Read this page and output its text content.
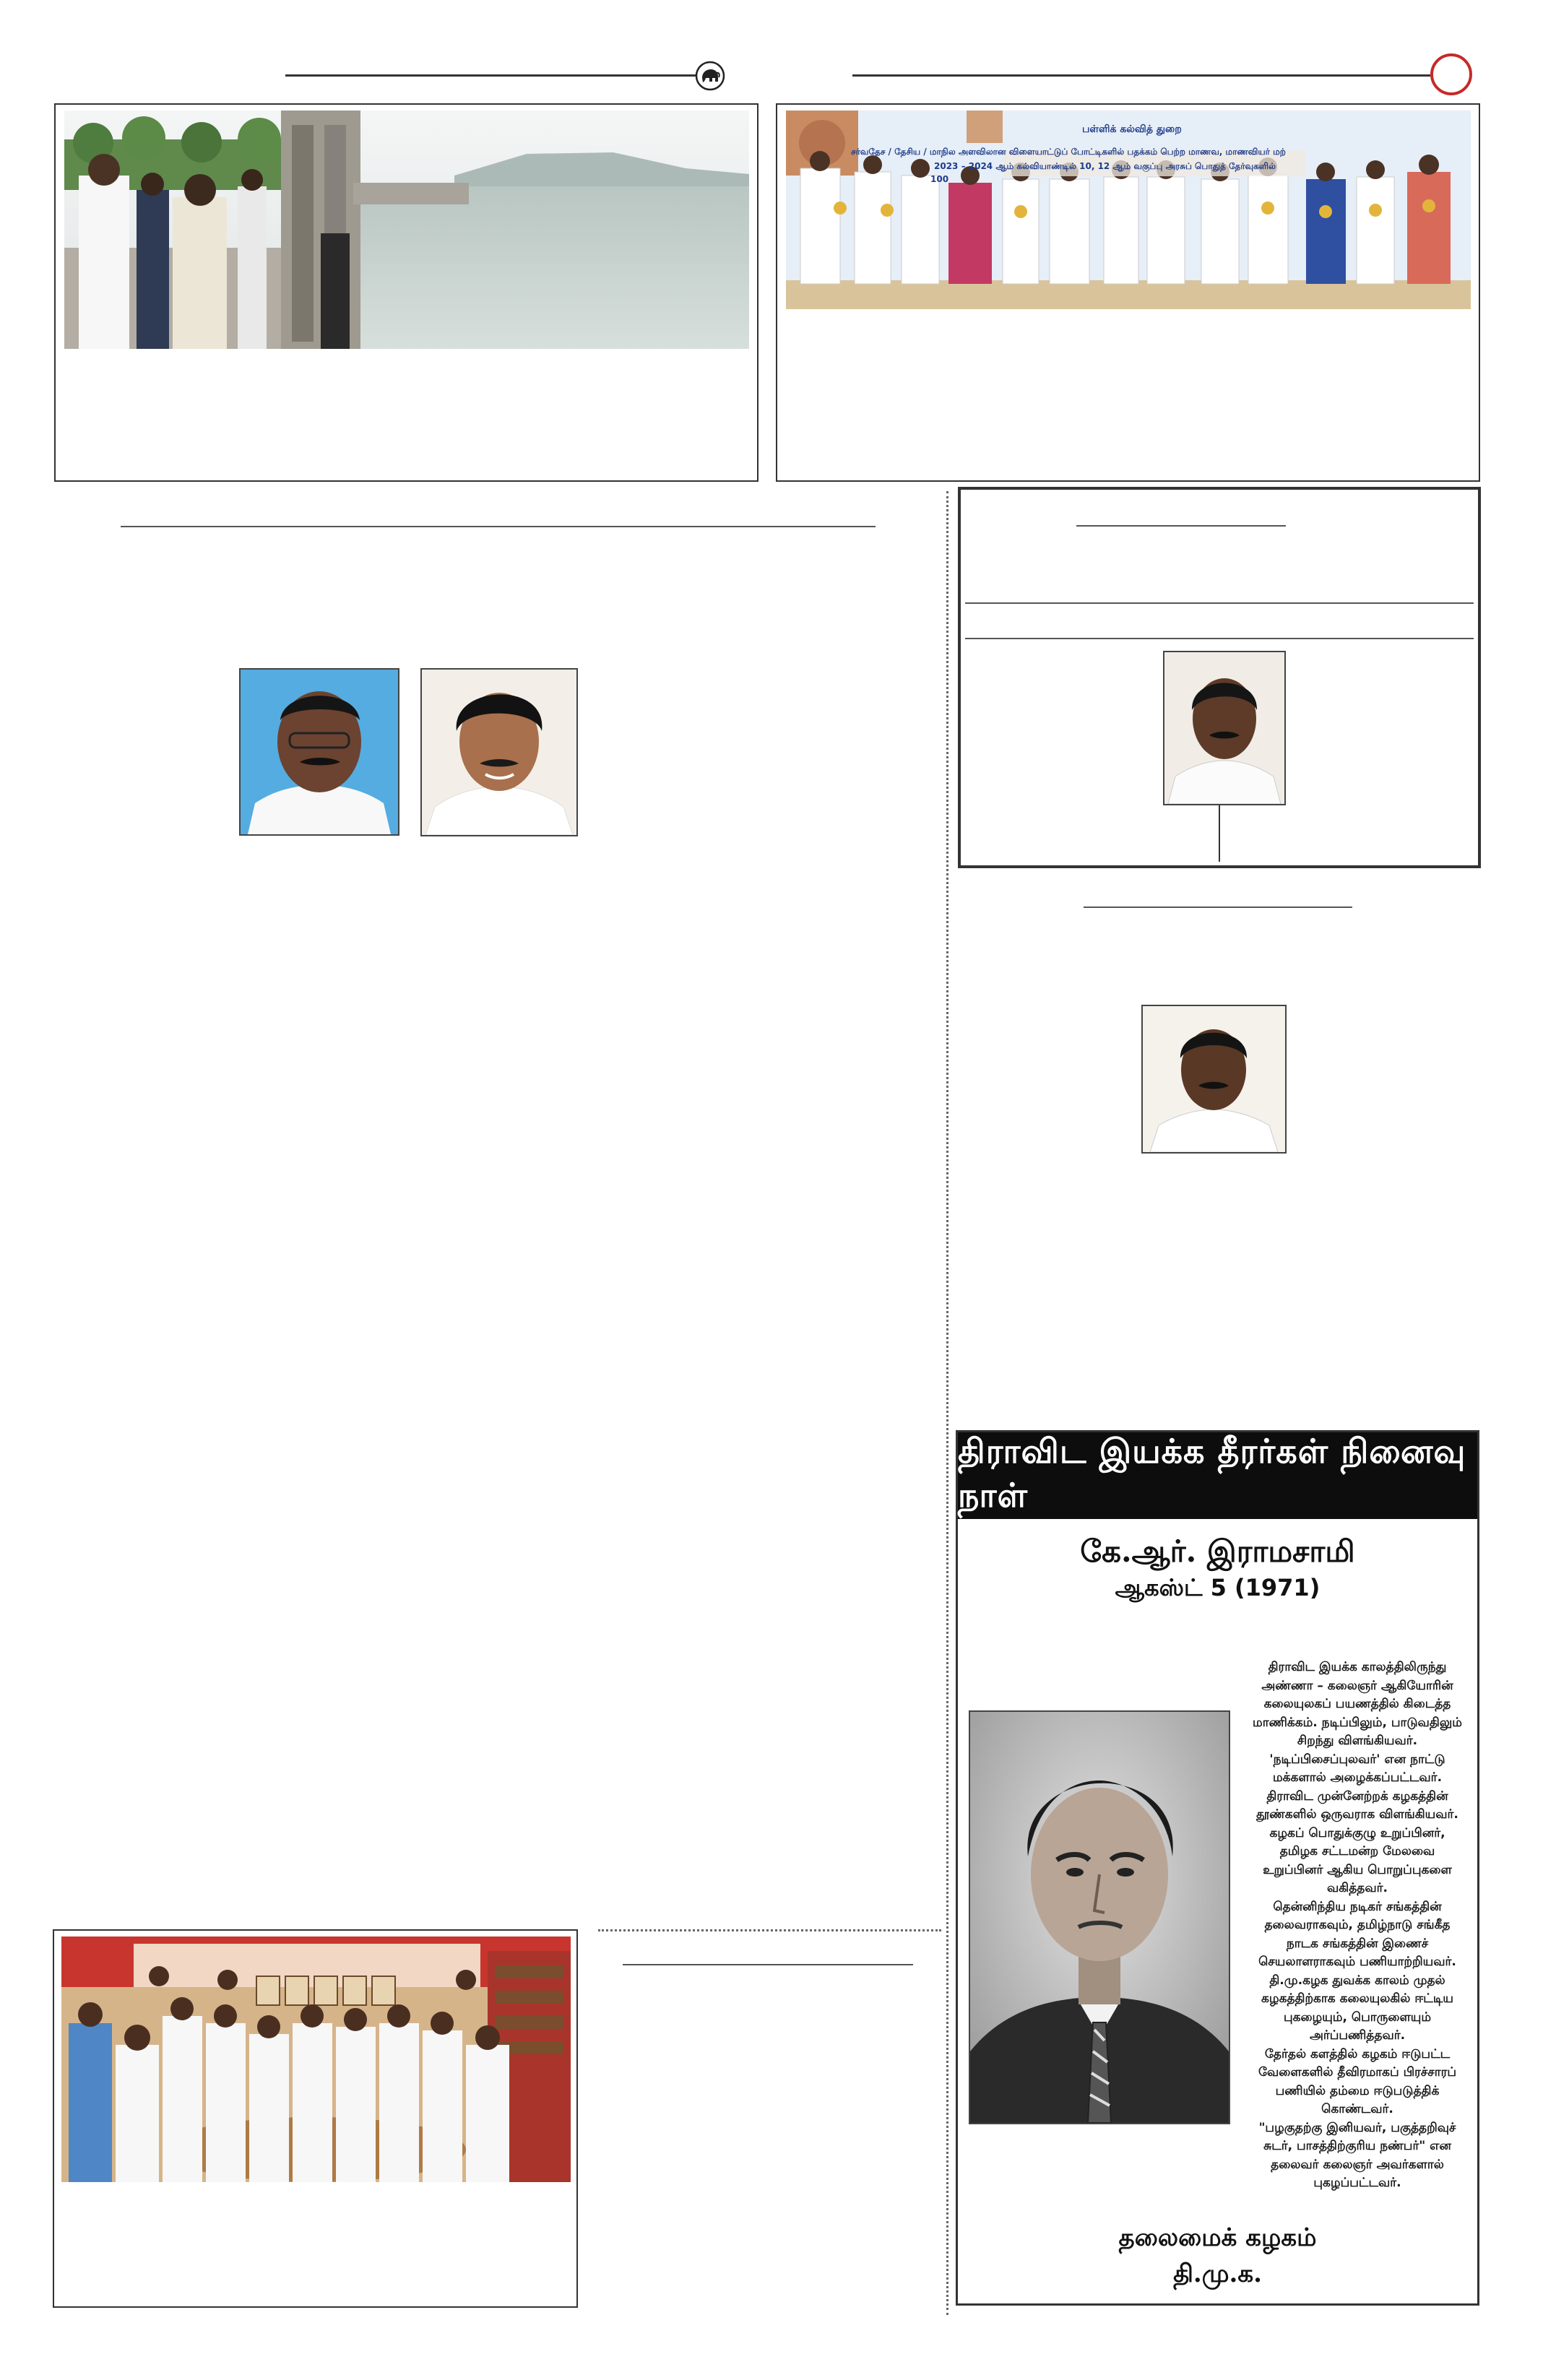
பள்ளிக் கல்வித் துறை
சர்வதேச / தேசிய / மாநில அளவிலான விளையாட்டுப் போட்டிகளில் பதக்கம் பெற்ற மாணவ, மாணவியர் மற்
2023 – 2024 ஆம் கல்வியாண்டில் 10, 12 ஆம் வகுப்பு அரசுப் பொதுத் தேர்வுகளில்
100
திராவிட இயக்க தீரர்கள் நினைவு நாள்
கே.ஆர். இராமசாமி
ஆகஸ்ட் 5 (1971)
திராவிட இயக்க காலத்திலிருந்து
அண்ணா – கலைஞர் ஆகியோரின்
கலையுலகப் பயணத்தில் கிடைத்த
மாணிக்கம். நடிப்பிலும், பாடுவதிலும்
சிறந்து விளங்கியவர்.
'நடிப்பிசைப்புலவர்' என நாட்டு
மக்களால் அழைக்கப்பட்டவர்.
திராவிட முன்னேற்றக் கழகத்தின்
தூண்களில் ஒருவராக விளங்கியவர்.
கழகப் பொதுக்குழு உறுப்பினர்,
தமிழக சட்டமன்ற மேலவை
உறுப்பினர் ஆகிய பொறுப்புகளை
வகித்தவர்.
தென்னிந்திய நடிகர் சங்கத்தின்
தலைவராகவும், தமிழ்நாடு சங்கீத
நாடக சங்கத்தின் இணைச்
செயலாளராகவும் பணியாற்றியவர்.
தி.மு.கழக துவக்க காலம் முதல்
கழகத்திற்காக கலையுலகில் ஈட்டிய
புகழையும், பொருளையும்
அர்ப்பணித்தவர்.
தேர்தல் களத்தில் கழகம் ஈடுபட்ட
வேளைகளில் தீவிரமாகப் பிரச்சாரப்
பணியில் தம்மை ஈடுபடுத்திக்
கொண்டவர்.
"பழகுதற்கு இனியவர், பகுத்தறிவுச்
சுடர், பாசத்திற்குரிய நண்பர்" என
தலைவர் கலைஞர் அவர்களால்
புகழப்பட்டவர்.
தலைமைக் கழகம்
தி.மு.க.
